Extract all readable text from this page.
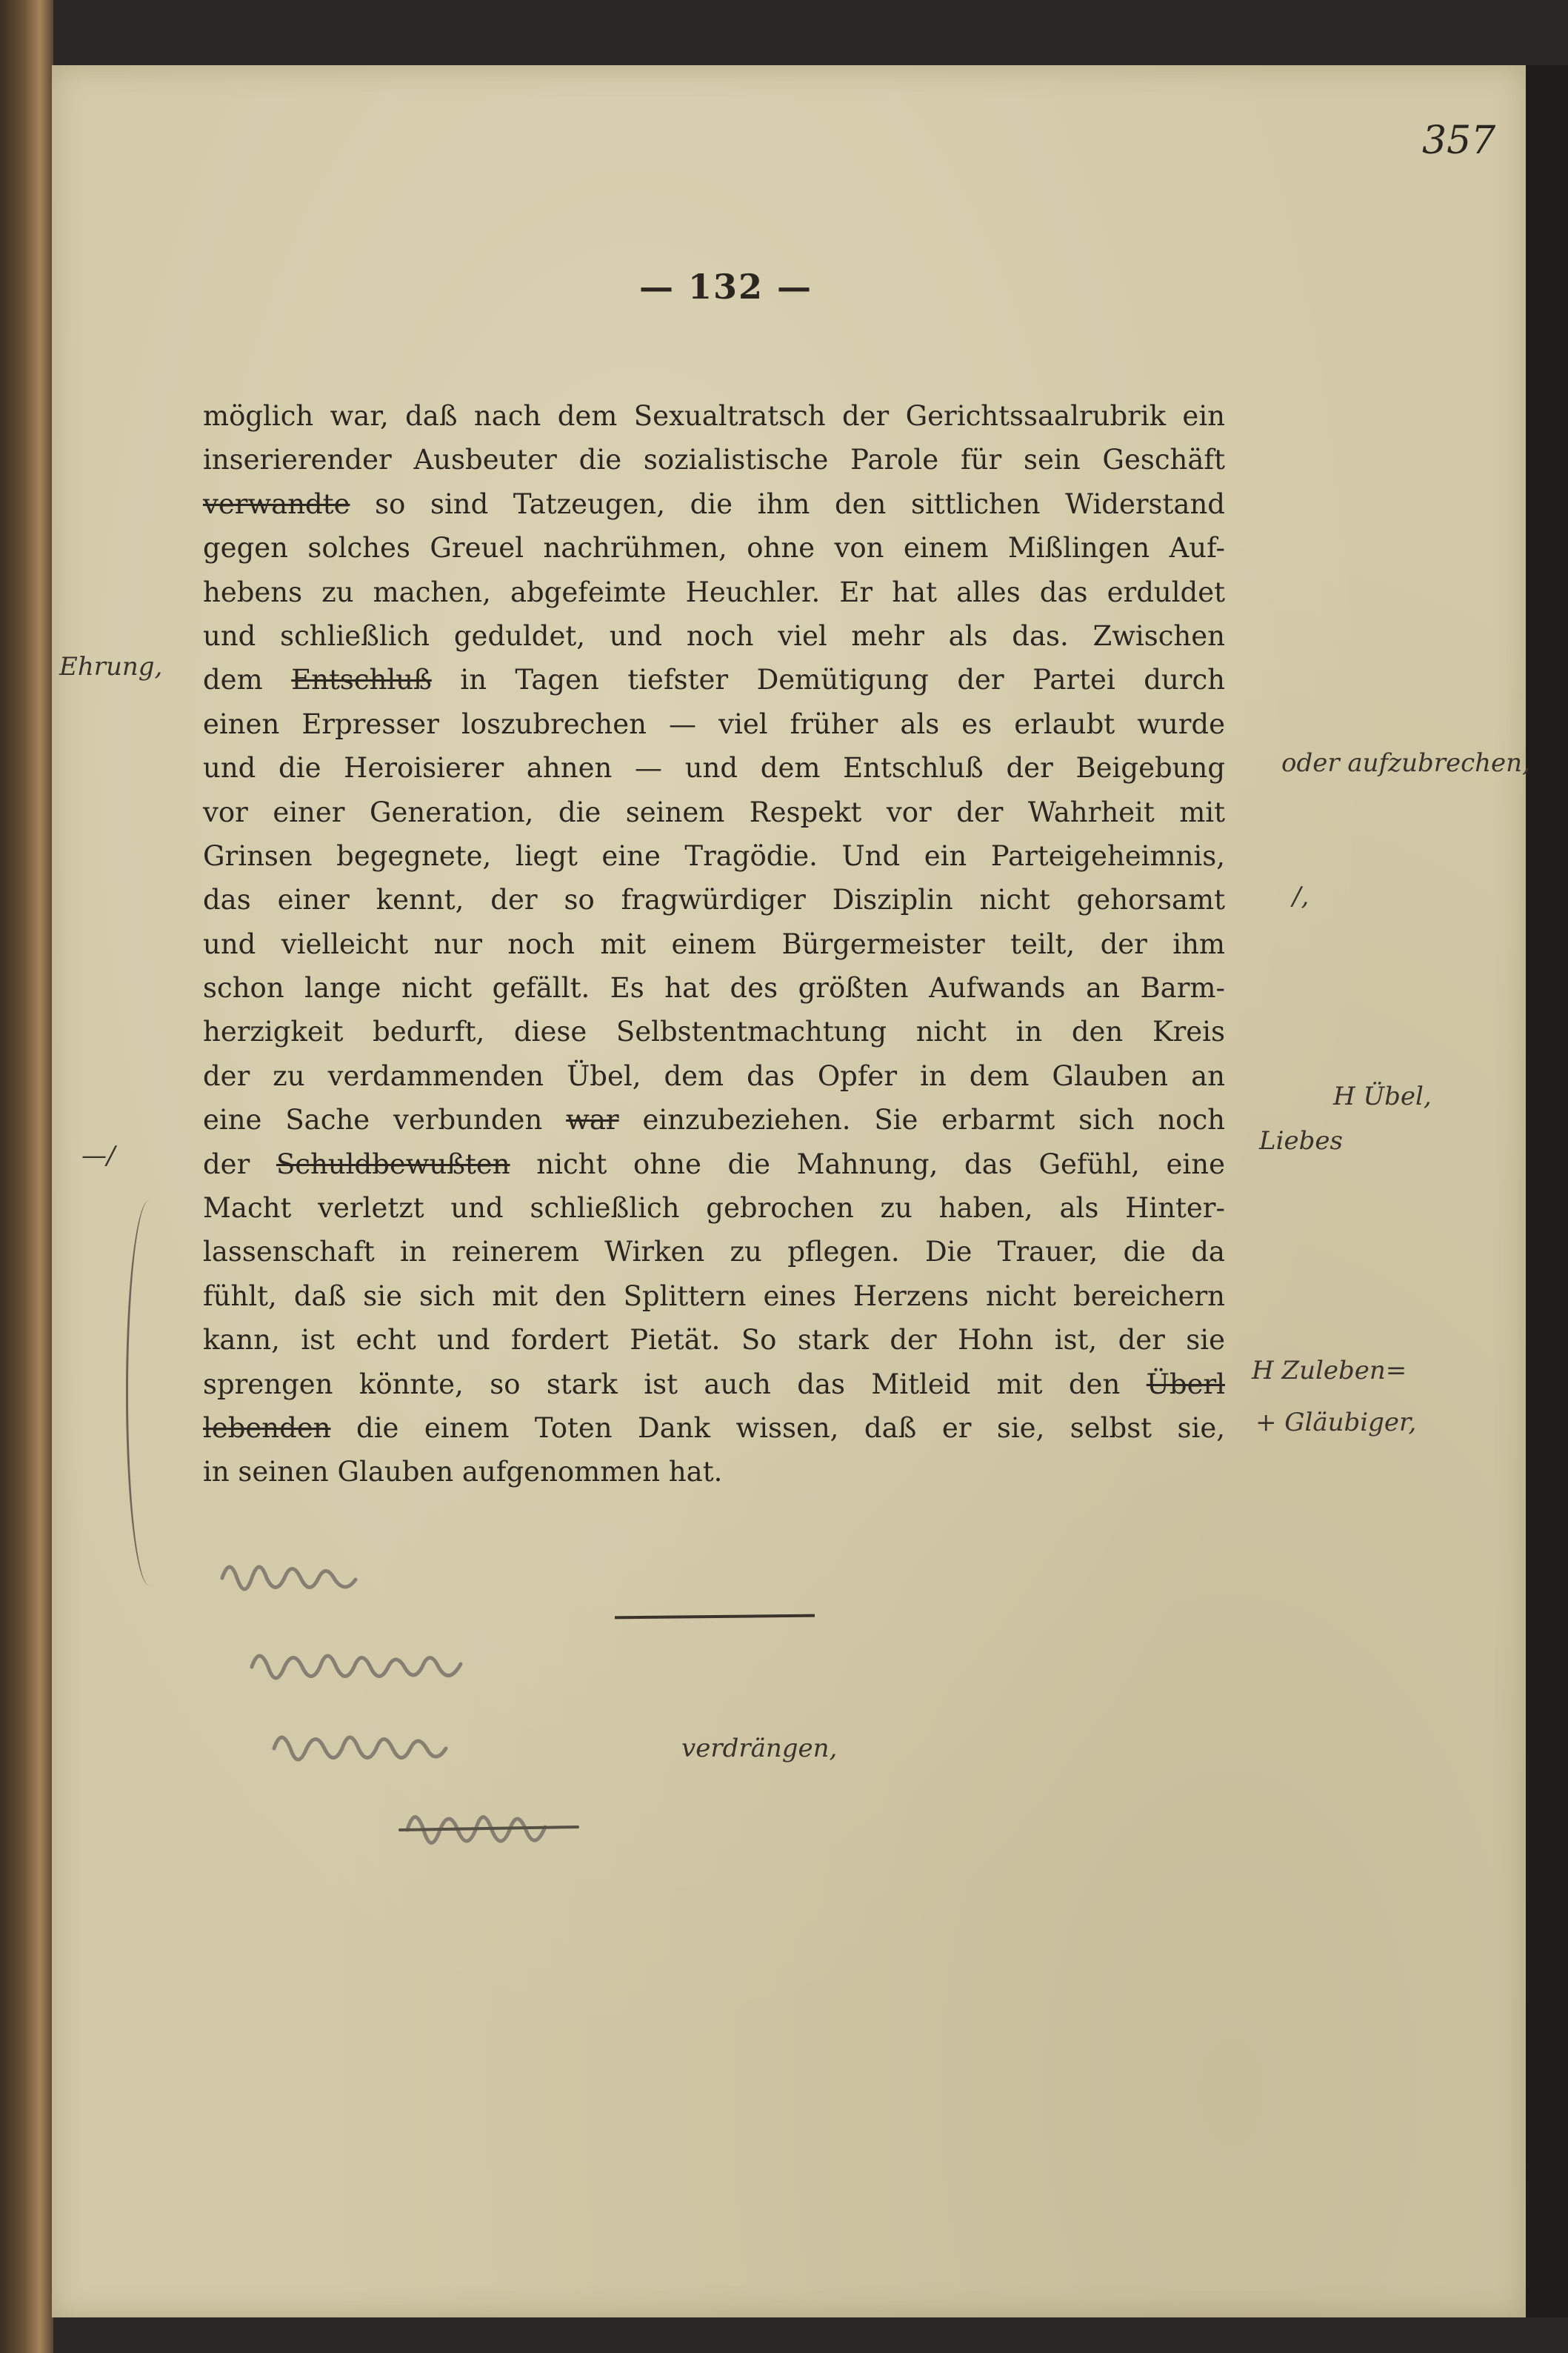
357
— 132 —
möglich war, daß nach dem Sexualtratsch der Gerichtssaalrubrik ein
inserierender Ausbeuter die sozialistische Parole für sein Geschäft
verwandte so sind Tatzeugen, die ihm den sittlichen Widerstand
gegen solches Greuel nachrühmen, ohne von einem Mißlingen Auf-
hebens zu machen, abgefeimte Heuchler. Er hat alles das erduldet
und schließlich geduldet, und noch viel mehr als das. Zwischen
dem Entschluß in Tagen tiefster Demütigung der Partei durch
einen Erpresser loszubrechen — viel früher als es erlaubt wurde
und die Heroisierer ahnen — und dem Entschluß der Beigebung
vor einer Generation, die seinem Respekt vor der Wahrheit mit
Grinsen begegnete, liegt eine Tragödie. Und ein Parteigeheimnis,
das einer kennt, der so fragwürdiger Disziplin nicht gehorsamt
und vielleicht nur noch mit einem Bürgermeister teilt, der ihm
schon lange nicht gefällt. Es hat des größten Aufwands an Barm-
herzigkeit bedurft, diese Selbstentmachtung nicht in den Kreis
der zu verdammenden Übel, dem das Opfer in dem Glauben an
eine Sache verbunden war einzubeziehen. Sie erbarmt sich noch
der Schuldbewußten nicht ohne die Mahnung, das Gefühl, eine
Macht verletzt und schließlich gebrochen zu haben, als Hinter-
lassenschaft in reinerem Wirken zu pflegen. Die Trauer, die da
fühlt, daß sie sich mit den Splittern eines Herzens nicht bereichern
kann, ist echt und fordert Pietät. So stark der Hohn ist, der sie
sprengen könnte, so stark ist auch das Mitleid mit den Überl
lebenden die einem Toten Dank wissen, daß er sie, selbst sie,
in seinen Glauben aufgenommen hat.
Ehrung,
—/
oder aufzubrechen,
/,
H Übel,
Liebes
H Zuleben=
+ Gläubiger,
verdrängen,
